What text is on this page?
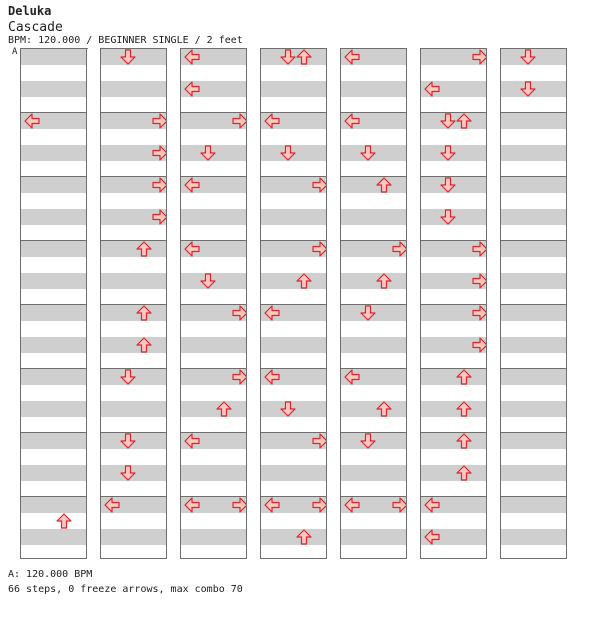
Deluka
Cascade
BPM: 120.000 / BEGINNER SINGLE / 2 feet
A
A: 120.000 BPM
66 steps, 0 freeze arrows, max combo 70
